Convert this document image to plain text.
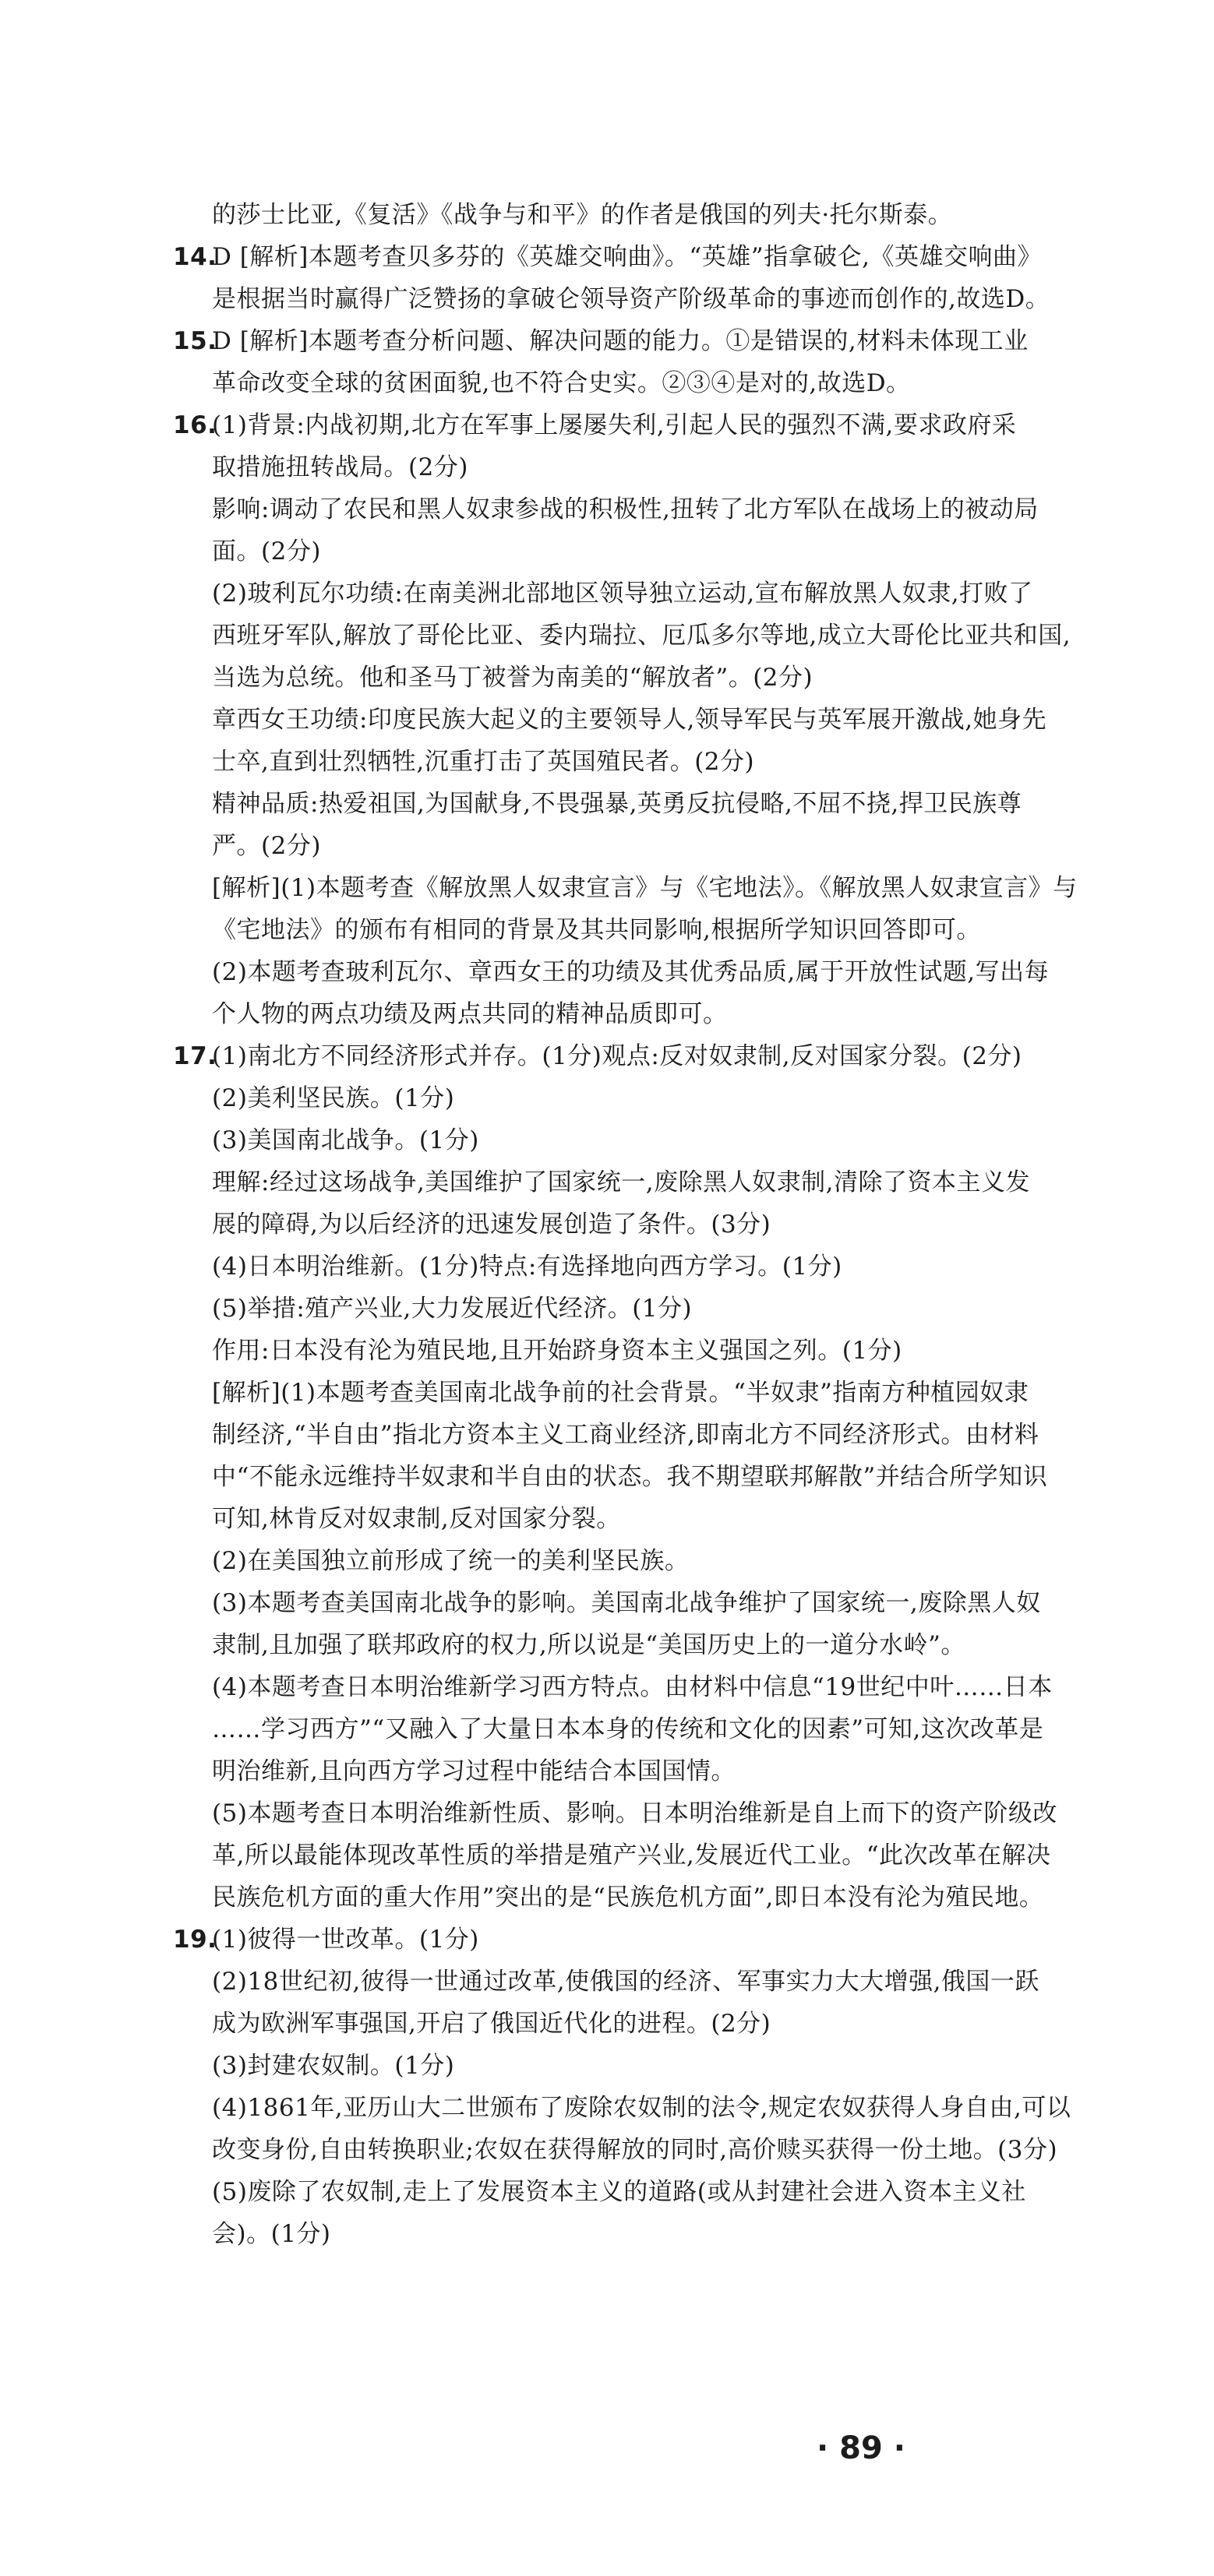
的莎士比亚,《复活》《战争与和平》的作者是俄国的列夫·托尔斯泰。
14.
D [解析]本题考查贝多芬的《英雄交响曲》。“英雄”指拿破仑,《英雄交响曲》
是根据当时赢得广泛赞扬的拿破仑领导资产阶级革命的事迹而创作的,故选D。
15.
D [解析]本题考查分析问题、解决问题的能力。①是错误的,材料未体现工业
革命改变全球的贫困面貌,也不符合史实。②③④是对的,故选D。
16.
(1)背景:内战初期,北方在军事上屡屡失利,引起人民的强烈不满,要求政府采
取措施扭转战局。(2分)
影响:调动了农民和黑人奴隶参战的积极性,扭转了北方军队在战场上的被动局
面。(2分)
(2)玻利瓦尔功绩:在南美洲北部地区领导独立运动,宣布解放黑人奴隶,打败了
西班牙军队,解放了哥伦比亚、委内瑞拉、厄瓜多尔等地,成立大哥伦比亚共和国,
当选为总统。他和圣马丁被誉为南美的“解放者”。(2分)
章西女王功绩:印度民族大起义的主要领导人,领导军民与英军展开激战,她身先
士卒,直到壮烈牺牲,沉重打击了英国殖民者。(2分)
精神品质:热爱祖国,为国献身,不畏强暴,英勇反抗侵略,不屈不挠,捍卫民族尊
严。(2分)
[解析](1)本题考查《解放黑人奴隶宣言》与《宅地法》。《解放黑人奴隶宣言》与
《宅地法》的颁布有相同的背景及其共同影响,根据所学知识回答即可。
(2)本题考查玻利瓦尔、章西女王的功绩及其优秀品质,属于开放性试题,写出每
个人物的两点功绩及两点共同的精神品质即可。
17.
(1)南北方不同经济形式并存。(1分)观点:反对奴隶制,反对国家分裂。(2分)
(2)美利坚民族。(1分)
(3)美国南北战争。(1分)
理解:经过这场战争,美国维护了国家统一,废除黑人奴隶制,清除了资本主义发
展的障碍,为以后经济的迅速发展创造了条件。(3分)
(4)日本明治维新。(1分)特点:有选择地向西方学习。(1分)
(5)举措:殖产兴业,大力发展近代经济。(1分)
作用:日本没有沦为殖民地,且开始跻身资本主义强国之列。(1分)
[解析](1)本题考查美国南北战争前的社会背景。“半奴隶”指南方种植园奴隶
制经济,“半自由”指北方资本主义工商业经济,即南北方不同经济形式。由材料
中“不能永远维持半奴隶和半自由的状态。我不期望联邦解散”并结合所学知识
可知,林肯反对奴隶制,反对国家分裂。
(2)在美国独立前形成了统一的美利坚民族。
(3)本题考查美国南北战争的影响。美国南北战争维护了国家统一,废除黑人奴
隶制,且加强了联邦政府的权力,所以说是“美国历史上的一道分水岭”。
(4)本题考查日本明治维新学习西方特点。由材料中信息“19世纪中叶……日本
……学习西方”“又融入了大量日本本身的传统和文化的因素”可知,这次改革是
明治维新,且向西方学习过程中能结合本国国情。
(5)本题考查日本明治维新性质、影响。日本明治维新是自上而下的资产阶级改
革,所以最能体现改革性质的举措是殖产兴业,发展近代工业。“此次改革在解决
民族危机方面的重大作用”突出的是“民族危机方面”,即日本没有沦为殖民地。
19.
(1)彼得一世改革。(1分)
(2)18世纪初,彼得一世通过改革,使俄国的经济、军事实力大大增强,俄国一跃
成为欧洲军事强国,开启了俄国近代化的进程。(2分)
(3)封建农奴制。(1分)
(4)1861年,亚历山大二世颁布了废除农奴制的法令,规定农奴获得人身自由,可以
改变身份,自由转换职业;农奴在获得解放的同时,高价赎买获得一份土地。(3分)
(5)废除了农奴制,走上了发展资本主义的道路(或从封建社会进入资本主义社
会)。(1分)
· 89 ·
